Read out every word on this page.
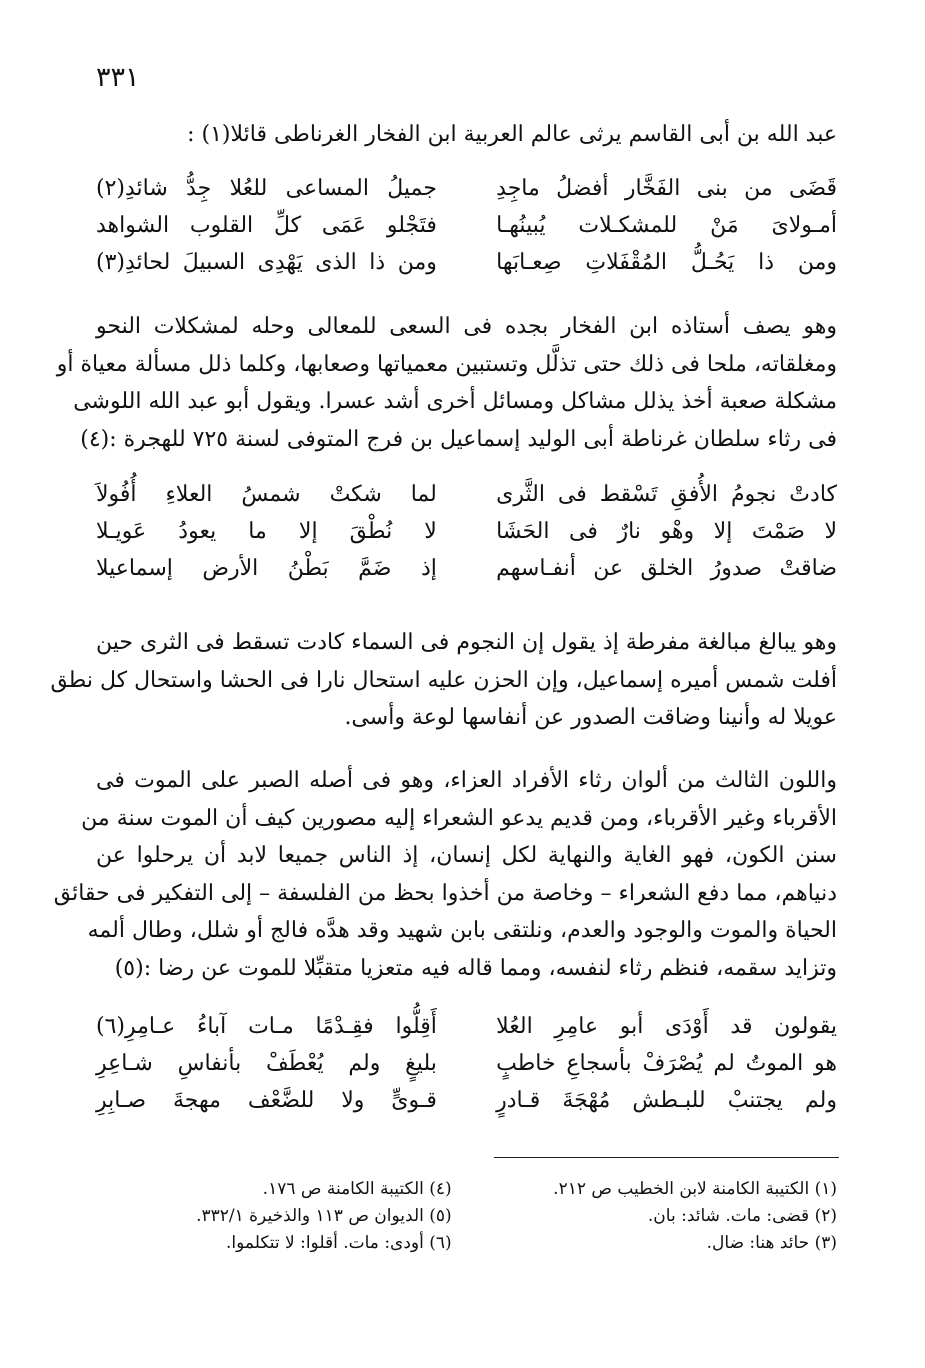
٣٣١
عبد الله بن أبى القاسم يرثى عالم العربية ابن الفخار الغرناطى قائلا(١) :
جميلُ المساعى للعُلا جِدُّ شائدِ(٢)	قَضَى من بنى الفَخَّار أفضلُ ماجِدِ
فتَجْلو عَمَى كلِّ القلوب الشواهد	أمـولاىَ مَنْ للمشكـلات يُبينُهـا
ومن ذا الذى يَهْدِى السبيلَ لحائدِ(٣)	ومن ذا يَحُـلُّ المُقْفَلاتِ صِعـابَها
وهو يصف أستاذه ابن الفخار بجده فى السعى للمعالى وحله لمشكلات النحو
ومغلقاته، ملحا فى ذلك حتى تذلَّل وتستبين معمياتها وصعابها، وكلما ذلل مسألة معياة أو
مشكلة صعبة أخذ يذلل مشاكل ومسائل أخرى أشد عسرا. ويقول أبو عبد الله اللوشى
فى رثاء سلطان غرناطة أبى الوليد إسماعيل بن فرج المتوفى لسنة ٧٢٥ للهجرة :(٤)
لما شكتْ شمسُ العلاءِ أُفُولاَ	كادتْ نجومُ الأُفقِ تَسْقط فى الثَّرى
لا نُطْقَ إلا ما يعودُ عَويـلا	لا صَمْتَ إلا وهْو نارٌ فى الحَشَا
إذ ضَمَّ بَطْنُ الأرض إسماعيلا	ضاقتْ صدورُ الخلق عن أنفـاسهم
وهو يبالغ مبالغة مفرطة إذ يقول إن النجوم فى السماء كادت تسقط فى الثرى حين
أفلت شمس أميره إسماعيل، وإن الحزن عليه استحال نارا فى الحشا واستحال كل نطق
عويلا له وأنينا وضاقت الصدور عن أنفاسها لوعة وأسى.
واللون الثالث من ألوان رثاء الأفراد العزاء، وهو فى أصله الصبر على الموت فى
الأقرباء وغير الأقرباء، ومن قديم يدعو الشعراء إليه مصورين كيف أن الموت سنة من
سنن الكون، فهو الغاية والنهاية لكل إنسان، إذ الناس جميعا لابد أن يرحلوا عن
دنياهم، مما دفع الشعراء – وخاصة من أخذوا بحظ من الفلسفة – إلى التفكير فى حقائق
الحياة والموت والوجود والعدم، ونلتقى بابن شهيد وقد هدَّه فالج أو شلل، وطال ألمه
وتزايد سقمه، فنظم رثاء لنفسه، ومما قاله فيه متعزيا متقبِّلا للموت عن رضا :(٥)
أَقِلُّوا فقِـدْمًا مـات آباءُ عـامِرِ(٦)	يقولون قد أَوْدَى أبو عامِرِ العُلا
بليغٍ ولم يُعْطَفْ بأنفاسِ شـاعِرِ	هو الموتُ لم يُصْرَفْ بأسجاعِ خاطبٍ
قـوىٍّ ولا للضَّعْف مهجةَ صـابِرِ	ولم يجتنبْ للبـطش مُهْجَةَ قـادرٍ
(١) الكتيبة الكامنة لابن الخطيب ص ٢١٢.
(٢) قضى: مات. شائد: بان.
(٣) حائد هنا: ضال.
(٤) الكتيبة الكامنة ص ١٧٦.
(٥) الديوان ص ١١٣ والذخيرة ٣٣٢/١.
(٦) أودى: مات. أقلوا: لا تتكلموا.
